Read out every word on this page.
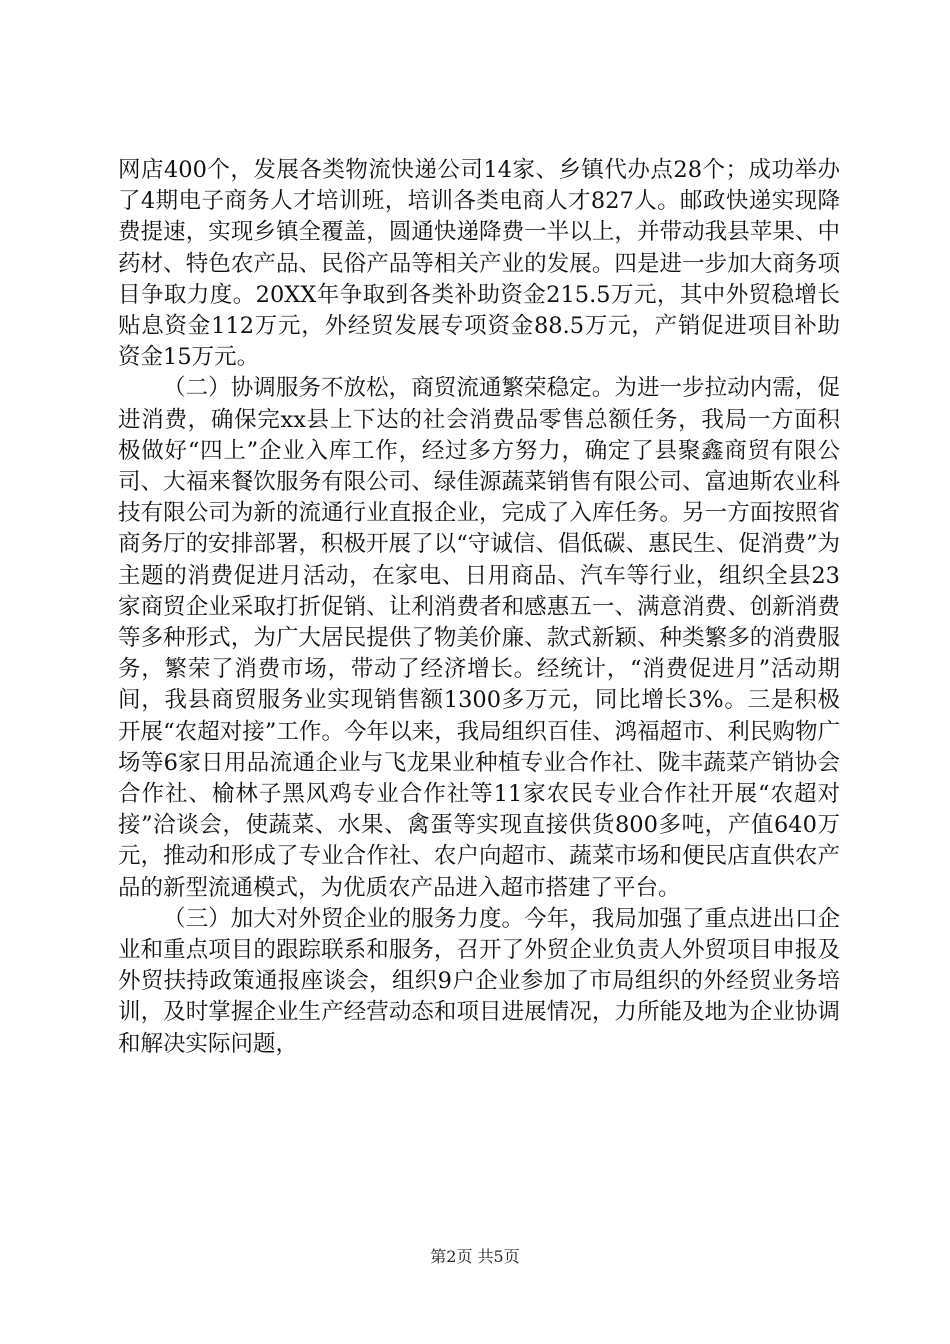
网店400个，发展各类物流快递公司14家、乡镇代办点28个；成功举办了4期电子商务人才培训班，培训各类电商人才827人。邮政快递实现降费提速，实现乡镇全覆盖，圆通快递降费一半以上，并带动我县苹果、中药材、特色农产品、民俗产品等相关产业的发展。四是进一步加大商务项目争取力度。20XX年争取到各类补助资金215.5万元，其中外贸稳增长贴息资金112万元，外经贸发展专项资金88.5万元，产销促进项目补助资金15万元。

（二）协调服务不放松，商贸流通繁荣稳定。为进一步拉动内需，促进消费，确保完xx县上下达的社会消费品零售总额任务，我局一方面积极做好“四上”企业入库工作，经过多方努力，确定了县聚鑫商贸有限公司、大福来餐饮服务有限公司、绿佳源蔬菜销售有限公司、富迪斯农业科技有限公司为新的流通行业直报企业，完成了入库任务。另一方面按照省商务厅的安排部署，积极开展了以“守诚信、倡低碳、惠民生、促消费”为主题的消费促进月活动，在家电、日用商品、汽车等行业，组织全县23家商贸企业采取打折促销、让利消费者和感惠五一、满意消费、创新消费等多种形式，为广大居民提供了物美价廉、款式新颖、种类繁多的消费服务，繁荣了消费市场，带动了经济增长。经统计，“消费促进月”活动期间，我县商贸服务业实现销售额1300多万元，同比增长3%。三是积极开展“农超对接”工作。今年以来，我局组织百佳、鸿福超市、利民购物广场等6家日用品流通企业与飞龙果业种植专业合作社、陇丰蔬菜产销协会合作社、榆林子黑风鸡专业合作社等11家农民专业合作社开展“农超对接”洽谈会，使蔬菜、水果、禽蛋等实现直接供货800多吨，产值640万元，推动和形成了专业合作社、农户向超市、蔬菜市场和便民店直供农产品的新型流通模式，为优质农产品进入超市搭建了平台。

（三）加大对外贸企业的服务力度。今年，我局加强了重点进出口企业和重点项目的跟踪联系和服务，召开了外贸企业负责人外贸项目申报及外贸扶持政策通报座谈会，组织9户企业参加了市局组织的外经贸业务培训，及时掌握企业生产经营动态和项目进展情况，力所能及地为企业协调和解决实际问题，

第2页 共5页
